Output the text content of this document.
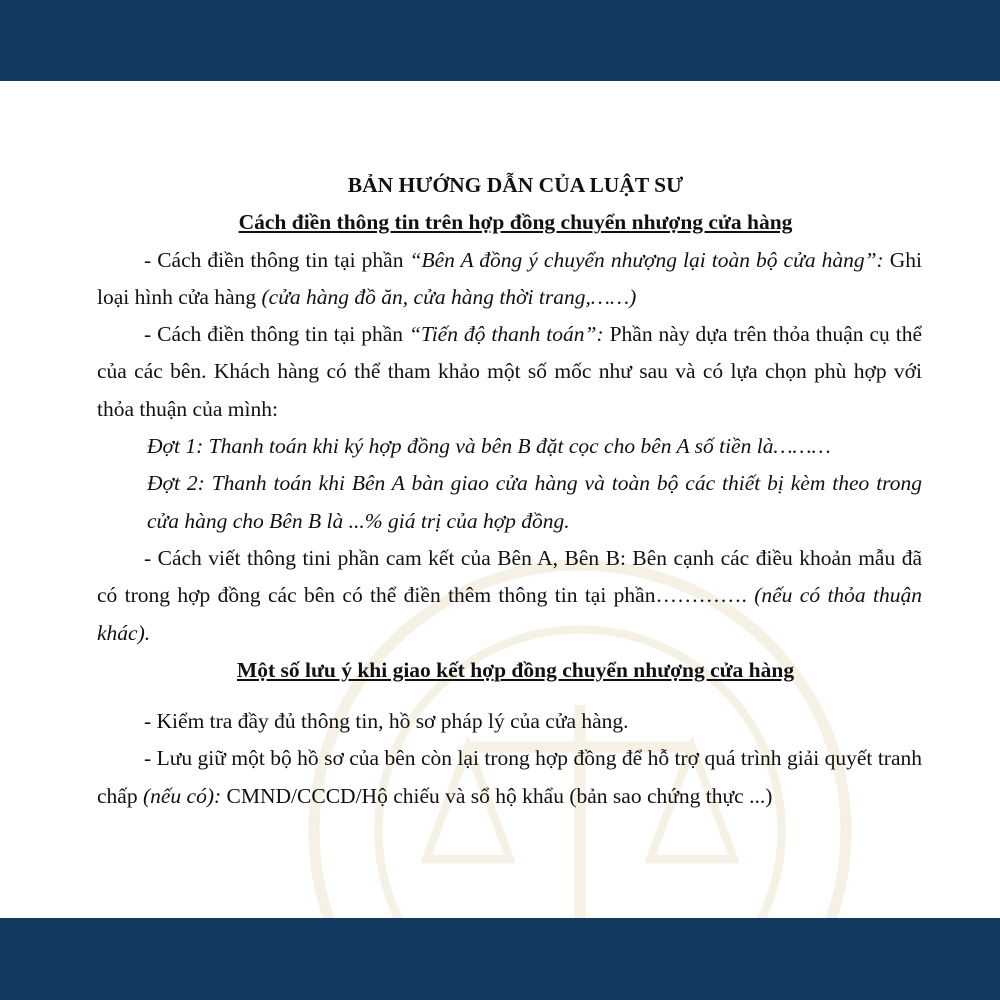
BẢN HƯỚNG DẪN CỦA LUẬT SƯ

Cách điền thông tin trên hợp đồng chuyển nhượng cửa hàng

- Cách điền thông tin tại phần “Bên A đồng ý chuyển nhượng lại toàn bộ cửa hàng”: Ghi loại hình cửa hàng (cửa hàng đồ ăn, cửa hàng thời trang,……)

- Cách điền thông tin tại phần “Tiến độ thanh toán”: Phần này dựa trên thỏa thuận cụ thể của các bên. Khách hàng có thể tham khảo một số mốc như sau và có lựa chọn phù hợp với thỏa thuận của mình:

Đợt 1: Thanh toán khi ký hợp đồng và bên B đặt cọc cho bên A số tiền là………

Đợt 2: Thanh toán khi Bên A bàn giao cửa hàng và toàn bộ các thiết bị kèm theo trong cửa hàng cho Bên B là ...% giá trị của hợp đồng.

- Cách viết thông tini phần cam kết của Bên A, Bên B: Bên cạnh các điều khoản mẫu đã có trong hợp đồng các bên có thể điền thêm thông tin tại phần…………. (nếu có thỏa thuận khác).

Một số lưu ý khi giao kết hợp đồng chuyển nhượng cửa hàng

- Kiểm tra đầy đủ thông tin, hồ sơ pháp lý của cửa hàng.

- Lưu giữ một bộ hồ sơ của bên còn lại trong hợp đồng để hỗ trợ quá trình giải quyết tranh chấp (nếu có): CMND/CCCD/Hộ chiếu và sổ hộ khẩu (bản sao chứng thực ...)
